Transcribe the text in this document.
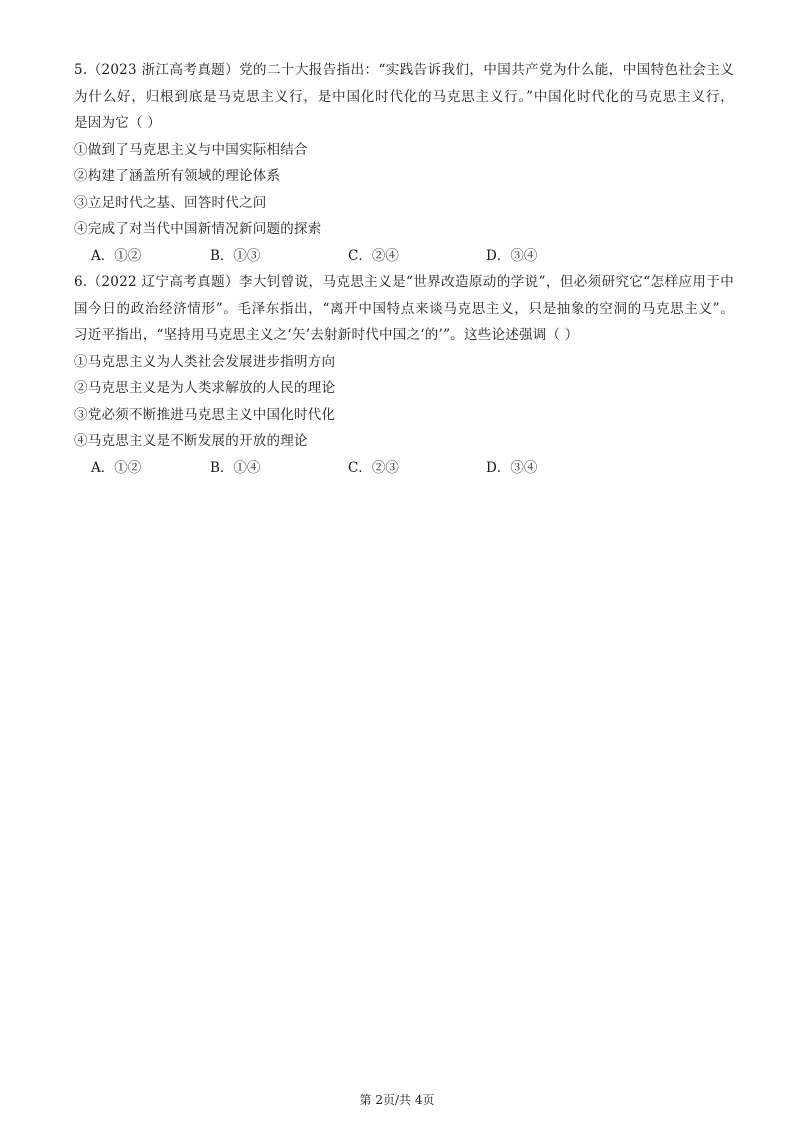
5.（2023 浙江高考真题）党的二十大报告指出：“实践告诉我们，中国共产党为什么能，中国特色社会主义
为什么好，归根到底是马克思主义行，是中国化时代化的马克思主义行。”中国化时代化的马克思主义行，
是因为它（ ）
①做到了马克思主义与中国实际相结合
②构建了涵盖所有领域的理论体系
③立足时代之基、回答时代之问
④完成了对当代中国新情况新问题的探索
A．①②	B．①③	C．②④	D．③④
6.（2022 辽宁高考真题）李大钊曾说，马克思主义是“世界改造原动的学说”，但必须研究它“怎样应用于中
国今日的政治经济情形”。毛泽东指出，“离开中国特点来谈马克思主义，只是抽象的空洞的马克思主义”。
习近平指出，“坚持用马克思主义之‘矢’去射新时代中国之‘的’”。这些论述强调（ ）
①马克思主义为人类社会发展进步指明方向
②马克思主义是为人类求解放的人民的理论
③党必须不断推进马克思主义中国化时代化
④马克思主义是不断发展的开放的理论
A．①②	B．①④	C．②③	D．③④
第 2页/共 4页
